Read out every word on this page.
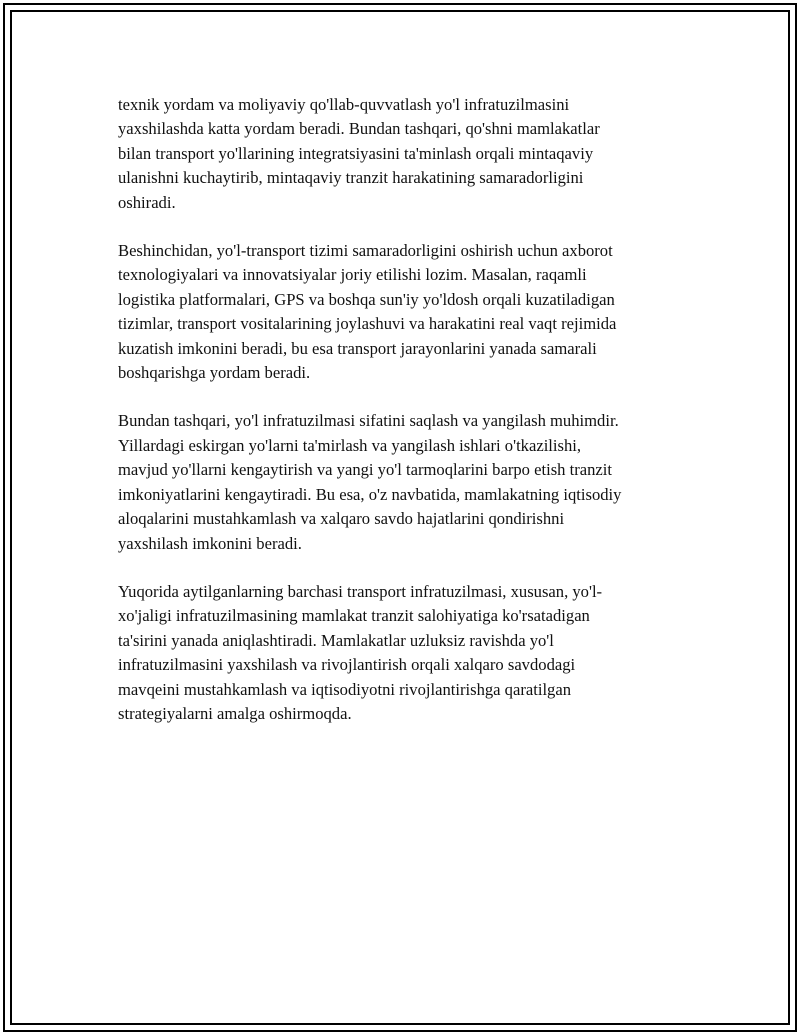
texnik yordam va moliyaviy qo'llab-quvvatlash yo'l infratuzilmasini
yaxshilashda katta yordam beradi. Bundan tashqari, qo'shni mamlakatlar
bilan transport yo'llarining integratsiyasini ta'minlash orqali mintaqaviy
ulanishni kuchaytirib, mintaqaviy tranzit harakatining samaradorligini
oshiradi.

Beshinchidan, yo'l-transport tizimi samaradorligini oshirish uchun axborot
texnologiyalari va innovatsiyalar joriy etilishi lozim. Masalan, raqamli
logistika platformalari, GPS va boshqa sun'iy yo'ldosh orqali kuzatiladigan
tizimlar, transport vositalarining joylashuvi va harakatini real vaqt rejimida
kuzatish imkonini beradi, bu esa transport jarayonlarini yanada samarali
boshqarishga yordam beradi.

Bundan tashqari, yo'l infratuzilmasi sifatini saqlash va yangilash muhimdir.
Yillardagi eskirgan yo'larni ta'mirlash va yangilash ishlari o'tkazilishi,
mavjud yo'llarni kengaytirish va yangi yo'l tarmoqlarini barpo etish tranzit
imkoniyatlarini kengaytiradi. Bu esa, o'z navbatida, mamlakatning iqtisodiy
aloqalarini mustahkamlash va xalqaro savdo hajatlarini qondirishni
yaxshilash imkonini beradi.

Yuqorida aytilganlarning barchasi transport infratuzilmasi, xususan, yo'l-
xo'jaligi infratuzilmasining mamlakat tranzit salohiyatiga ko'rsatadigan
ta'sirini yanada aniqlashtiradi. Mamlakatlar uzluksiz ravishda yo'l
infratuzilmasini yaxshilash va rivojlantirish orqali xalqaro savdodagi
mavqeini mustahkamlash va iqtisodiyotni rivojlantirishga qaratilgan
strategiyalarni amalga oshirmoqda.
